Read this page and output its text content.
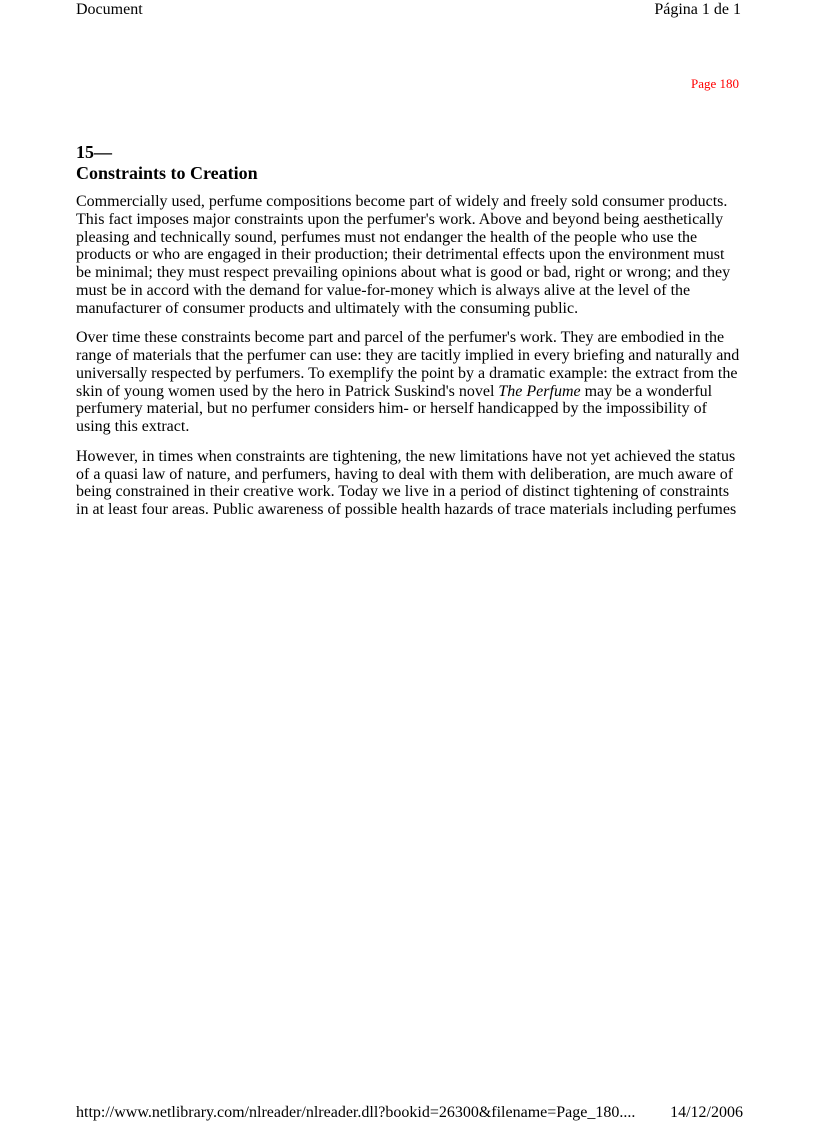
Document	Página 1 de 1
Page 180
15—
Constraints to Creation

Commercially used, perfume compositions become part of widely and freely sold consumer products. This fact imposes major constraints upon the perfumer's work. Above and beyond being aesthetically pleasing and technically sound, perfumes must not endanger the health of the people who use the products or who are engaged in their production; their detrimental effects upon the environment must be minimal; they must respect prevailing opinions about what is good or bad, right or wrong; and they must be in accord with the demand for value-for-money which is always alive at the level of the manufacturer of consumer products and ultimately with the consuming public.

Over time these constraints become part and parcel of the perfumer's work. They are embodied in the range of materials that the perfumer can use: they are tacitly implied in every briefing and naturally and universally respected by perfumers. To exemplify the point by a dramatic example: the extract from the skin of young women used by the hero in Patrick Suskind's novel The Perfume may be a wonderful perfumery material, but no perfumer considers him- or herself handicapped by the impossibility of using this extract.

However, in times when constraints are tightening, the new limitations have not yet achieved the status of a quasi law of nature, and perfumers, having to deal with them with deliberation, are much aware of being constrained in their creative work. Today we live in a period of distinct tightening of constraints in at least four areas. Public awareness of possible health hazards of trace materials including perfumes

http://www.netlibrary.com/nlreader/nlreader.dll?bookid=26300&filename=Page_180.... 14/12/2006
